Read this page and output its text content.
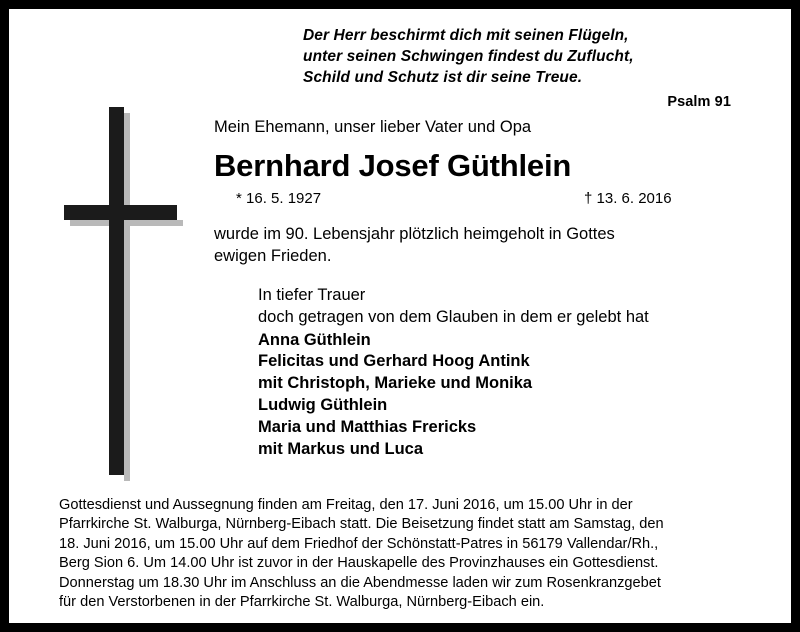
Der Herr beschirmt dich mit seinen Flügeln,
unter seinen Schwingen findest du Zuflucht,
Schild und Schutz ist dir seine Treue.
Psalm 91
Mein Ehemann, unser lieber Vater und Opa
Bernhard Josef Güthlein
* 16. 5. 1927	† 13. 6. 2016
wurde im 90. Lebensjahr plötzlich heimgeholt in Gottes
ewigen Frieden.
In tiefer Trauer
doch getragen von dem Glauben in dem er gelebt hat
Anna Güthlein
Felicitas und Gerhard Hoog Antink
mit Christoph, Marieke und Monika
Ludwig Güthlein
Maria und Matthias Frericks
mit Markus und Luca
Gottesdienst und Aussegnung finden am Freitag, den 17. Juni 2016, um 15.00 Uhr in der
Pfarrkirche St. Walburga, Nürnberg-Eibach statt. Die Beisetzung findet statt am Samstag, den
18. Juni 2016, um 15.00 Uhr auf dem Friedhof der Schönstatt-Patres in 56179 Vallendar/Rh.,
Berg Sion 6. Um 14.00 Uhr ist zuvor in der Hauskapelle des Provinzhauses ein Gottesdienst.
Donnerstag um 18.30 Uhr im Anschluss an die Abendmesse laden wir zum Rosenkranzgebet
für den Verstorbenen in der Pfarrkirche St. Walburga, Nürnberg-Eibach ein.
